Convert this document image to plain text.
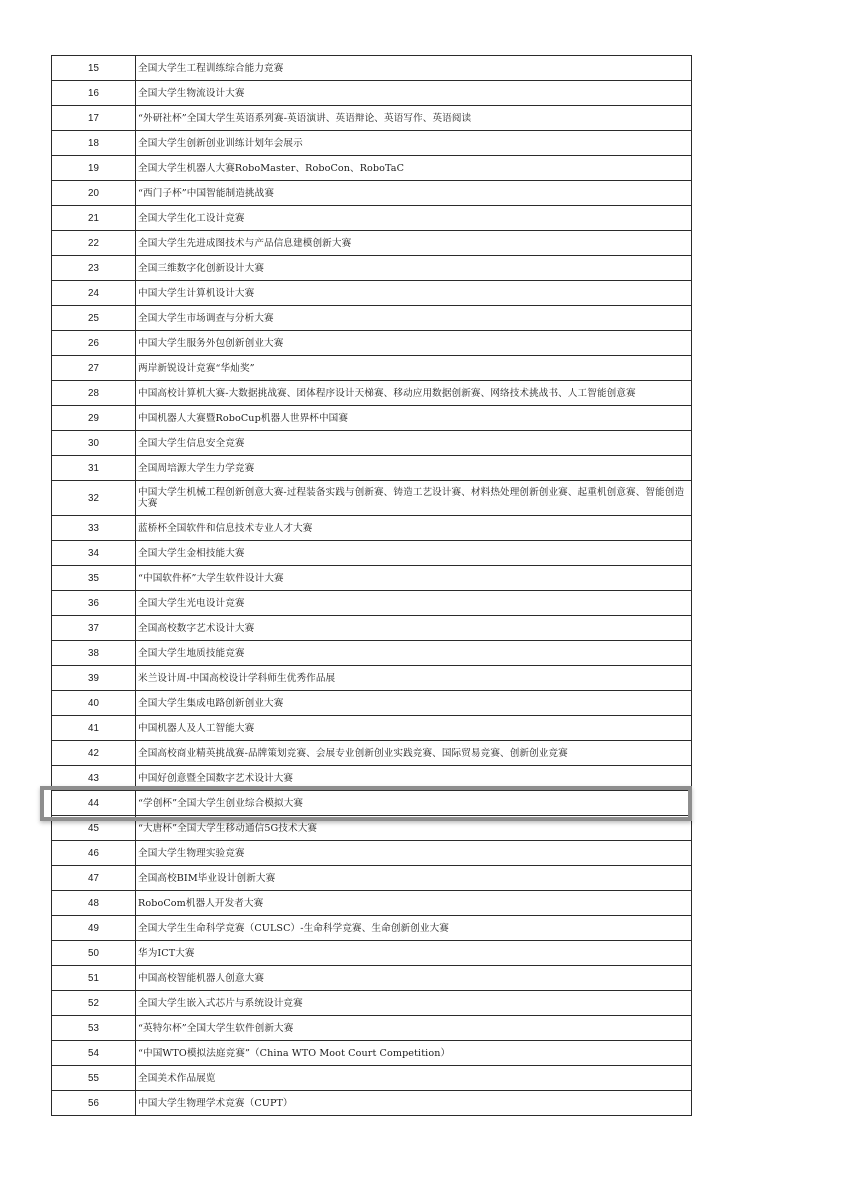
15	全国大学生工程训练综合能力竞赛
16	全国大学生物流设计大赛
17	“外研社杯”全国大学生英语系列赛-英语演讲、英语辩论、英语写作、英语阅读
18	全国大学生创新创业训练计划年会展示
19	全国大学生机器人大赛RoboMaster、RoboCon、RoboTaC
20	“西门子杯”中国智能制造挑战赛
21	全国大学生化工设计竞赛
22	全国大学生先进成图技术与产品信息建模创新大赛
23	全国三维数字化创新设计大赛
24	中国大学生计算机设计大赛
25	全国大学生市场调查与分析大赛
26	中国大学生服务外包创新创业大赛
27	两岸新锐设计竞赛“华灿奖”
28	中国高校计算机大赛-大数据挑战赛、团体程序设计天梯赛、移动应用数据创新赛、网络技术挑战书、人工智能创意赛
29	中国机器人大赛暨RoboCup机器人世界杯中国赛
30	全国大学生信息安全竞赛
31	全国周培源大学生力学竞赛
32	中国大学生机械工程创新创意大赛-过程装备实践与创新赛、铸造工艺设计赛、材料热处理创新创业赛、起重机创意赛、智能创造大赛
33	蓝桥杯全国软件和信息技术专业人才大赛
34	全国大学生金相技能大赛
35	“中国软件杯”大学生软件设计大赛
36	全国大学生光电设计竞赛
37	全国高校数字艺术设计大赛
38	全国大学生地质技能竞赛
39	米兰设计周-中国高校设计学科师生优秀作品展
40	全国大学生集成电路创新创业大赛
41	中国机器人及人工智能大赛
42	全国高校商业精英挑战赛-品牌策划竞赛、会展专业创新创业实践竞赛、国际贸易竞赛、创新创业竞赛
43	中国好创意暨全国数字艺术设计大赛
44	“学创杯”全国大学生创业综合模拟大赛
45	“大唐杯”全国大学生移动通信5G技术大赛
46	全国大学生物理实验竞赛
47	全国高校BIM毕业设计创新大赛
48	RoboCom机器人开发者大赛
49	全国大学生生命科学竞赛（CULSC）-生命科学竞赛、生命创新创业大赛
50	华为ICT大赛
51	中国高校智能机器人创意大赛
52	全国大学生嵌入式芯片与系统设计竞赛
53	“英特尔杯”全国大学生软件创新大赛
54	“中国WTO模拟法庭竞赛”（China WTO Moot Court Competition）
55	全国美术作品展览
56	中国大学生物理学术竞赛（CUPT）
